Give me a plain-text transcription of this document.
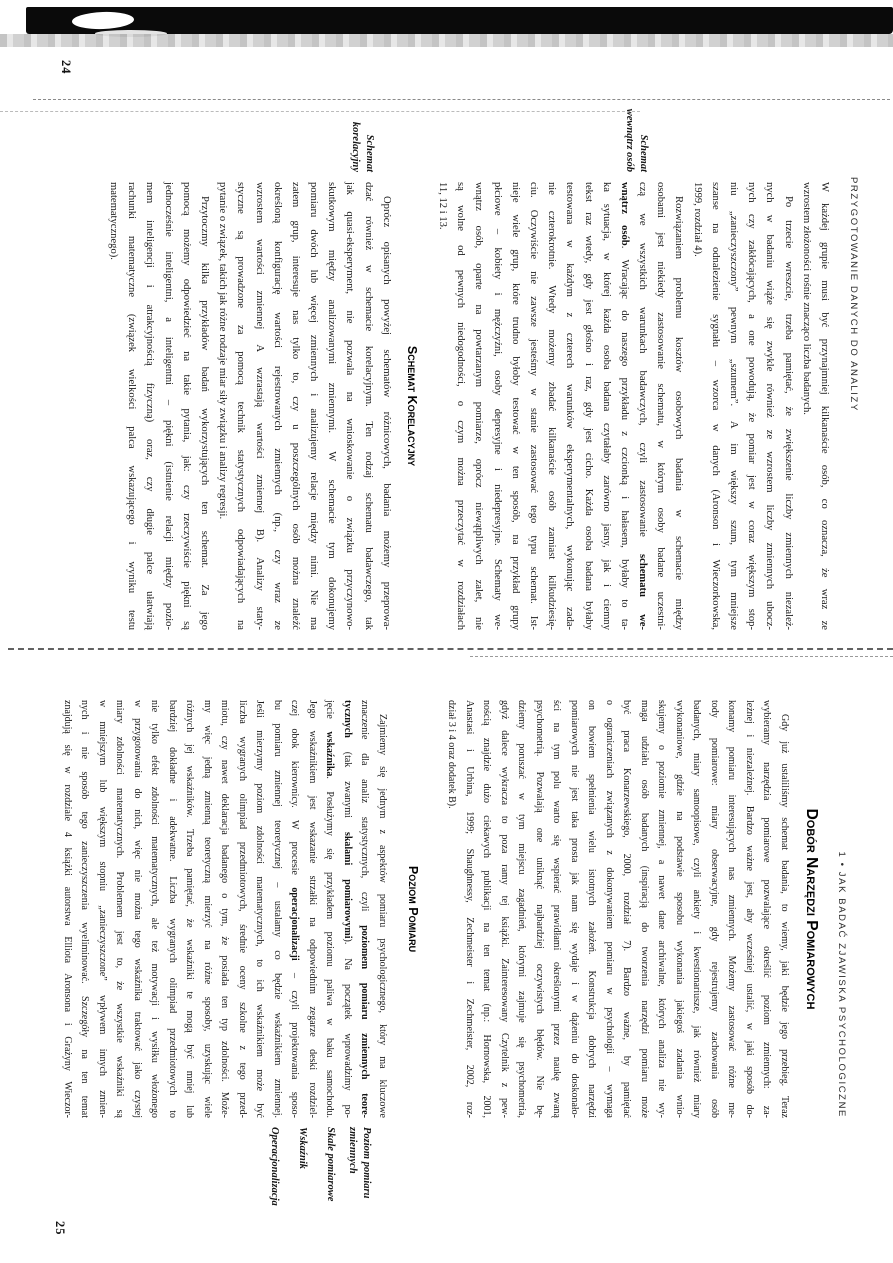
PRZYGOTOWANIE DANYCH DO ANALIZY
W każdej grupie musi być przynajmniej kilkanaście osób, co oznacza, że wraz ze
wzrostem złożoności rośnie znacząco liczba badanych.
Po trzecie wreszcie, trzeba pamiętać, że zwiększenie liczby zmiennych niezależ-
nych w badaniu wiąże się zwykle również ze wzrostem liczby zmiennych ubocz-
nych czy zakłócających, a one powodują, że pomiar jest w coraz większym stop-
niu „zanieczyszczony” pewnym „szumem”. A im większy szum, tym mniejsze
szanse na odnalezienie sygnału – wzorca w danych (Aronson i Wieczorkowska,
1999, rozdział 4).
Rozwiązaniem problemu kosztów osobowych badania w schemacie między
osobami jest niekiedy zastosowanie schematu, w którym osoby badane uczestni-
czą we wszystkich warunkach badawczych, czyli zastosowanie schematu we-
wnątrz osób. Wracając do naszego przykładu z czcionką i hałasem, byłaby to ta-
ka sytuacja, w której każda osoba badana czytałaby zarówno jasny, jak i ciemny
tekst raz wtedy, gdy jest głośno i raz, gdy jest cicho. Każda osoba badana byłaby
testowana w każdym z czterech warunków eksperymentalnych, wykonując zada-
nie czterokrotnie. Wtedy możemy zbadać kilkanaście osób zamiast kilkudziesię-
ciu. Oczywiście nie zawsze jesteśmy w stanie zastosować tego typu schemat. Ist-
nieje wiele grup, które trudno byłoby testować w ten sposób, na przykład grupy
płciowe – kobiety i mężczyźni, osoby depresyjne i niedepresyjne. Schematy we-
wnątrz osób, oparte na powtarzanym pomiarze, oprócz niewątpliwych zalet, nie
są wolne od pewnych niedogodności, o czym można przeczytać w rozdziałach
11, 12 i 13.
Schemat Korelacyjny
Oprócz opisanych powyżej schematów różnicowych, badania możemy przeprowa-
dzać również w schemacie korelacyjnym. Ten rodzaj schematu badawczego, tak
jak quasi-eksperyment, nie pozwala na wnioskowanie o związku przyczynowo-
skutkowym między analizowanymi zmiennymi. W schemacie tym dokonujemy
pomiaru dwóch lub więcej zmiennych i analizujemy relacje między nimi. Nie ma
zatem grup, interesuje nas tylko to, czy u poszczególnych osób można znaleźć
określoną konfigurację wartości rejestrowanych zmiennych (np., czy wraz ze
wzrostem wartości zmiennej A wzrastają wartości zmiennej B). Analizy staty-
styczne są prowadzone za pomocą technik statystycznych odpowiadających na
pytanie o związek, takich jak różne rodzaje miar siły związku i analizy regresji.
Przytoczmy kilka przykładów badań wykorzystujących ten schemat. Za jego
pomocą możemy odpowiedzieć na takie pytania, jak: czy rzeczywiście piękni są
jednocześnie inteligentni, a inteligentni – piękni (istnienie relacji między pozio-
mem inteligencji i atrakcyjnością fizyczną) oraz, czy długie palce ułatwiają
rachunki matematyczne (związek wielkości palca wskazującego i wyniku testu
matematycznego).
Schemat
wewnątrz osób
Schemat
korelacyjny
24
1 • JAK BADAĆ ZJAWISKA PSYCHOLOGICZNE
Dobór Narzędzi Pomiarowych
Gdy już ustaliliśmy schemat badania, to wiemy, jaki będzie jego przebieg. Teraz
wybieramy narzędzia pomiarowe pozwalające określić poziom zmiennych: za-
leżnej i niezależnej. Bardzo ważne jest, aby wcześniej ustalić, w jaki sposób do-
konamy pomiaru interesujących nas zmiennych. Możemy zastosować różne me-
tody pomiarowe: miary obserwacyjne, gdy rejestrujemy zachowania osób
badanych, miary samoopisowe, czyli ankiety i kwestionariusze, jak również miary
wykonaniowe, gdzie na podstawie sposobu wykonania jakiegoś zadania wnio-
skujemy o poziomie zmiennej, a nawet dane archiwalne, których analiza nie wy-
maga udziału osób badanych (inspiracją do tworzenia narzędzi pomiaru może
być praca Konarzewskiego, 2000, rozdział 7). Bardzo ważne, by pamiętać
o ograniczeniach związanych z dokonywaniem pomiaru w psychologii – wymaga
on bowiem spełnienia wielu istotnych założeń. Konstrukcja dobrych narzędzi
pomiarowych nie jest taka prosta jak nam się wydaje i w dążeniu do doskonało-
ści na tym polu warto się wspierać prawidłami określonymi przez naukę zwaną
psychometrią. Pozwalają one uniknąć najbardziej oczywistych błędów. Nie bę-
dziemy poruszać w tym miejscu zagadnień, którymi zajmuje się psychometria,
gdyż dalece wykracza to poza ramy tej książki. Zainteresowany Czytelnik z pew-
nością znajdzie dużo ciekawych publikacji na ten temat (np.: Hornowska, 2001,
Anastasi i Urbina, 1999; Shaughnessy, Zechmeister i Zechmeister, 2002, roz-
dział 3 i 4 oraz dodatek B).
Poziom Pomiaru
Zajmiemy się jednym z aspektów pomiaru psychologicznego, który ma kluczowe
znaczenie dla analiz statystycznych, czyli poziomem pomiaru zmiennych teore-
tycznych (tak zwanymi skalami pomiarowymi). Na początek wprowadzimy po-
jęcie wskaźnika. Posłużymy się przykładem poziomu paliwa w baku samochodu.
Jego wskaźnikiem jest wskazanie strzałki na odpowiednim zegarze deski rozdziel-
czej obok kierownicy. W procesie operacjonalizacji – czyli projektowania sposo-
bu pomiaru zmiennej teoretycznej – ustalamy co będzie wskaźnikiem zmiennej.
Jeśli mierzymy poziom zdolności matematycznych, to ich wskaźnikiem może być
liczba wygranych olimpiad przedmiotowych, średnie oceny szkolne z tego przed-
miotu, czy nawet deklaracja badanego o tym, że posiada ten typ zdolności. Może-
my więc jedną zmienną teoretyczną mierzyć na różne sposoby, uzyskując wiele
różnych jej wskaźników. Trzeba pamiętać, że wskaźniki te mogą być mniej lub
bardziej dokładne i adekwatne. Liczba wygranych olimpiad przedmiotowych to
nie tylko efekt zdolności matematycznych, ale też motywacji i wysiłku włożonego
w przygotowania do nich, więc nie można tego wskaźnika traktować jako czystej
miary zdolności matematycznych. Problemem jest to, że wszystkie wskaźniki są
w mniejszym lub większym stopniu „zanieczyszczone” wpływem innych zmien-
nych i nie sposób tego zanieczyszczenia wyeliminować. Szczegóły na ten temat
znajdują się w rozdziale 4 książki autorstwa Elliota Aronsona i Grażyny Wieczor-
Poziom pomiaru
zmiennych
Skale pomiarowe
Wskaźnik
Operacjonalizacja
25
